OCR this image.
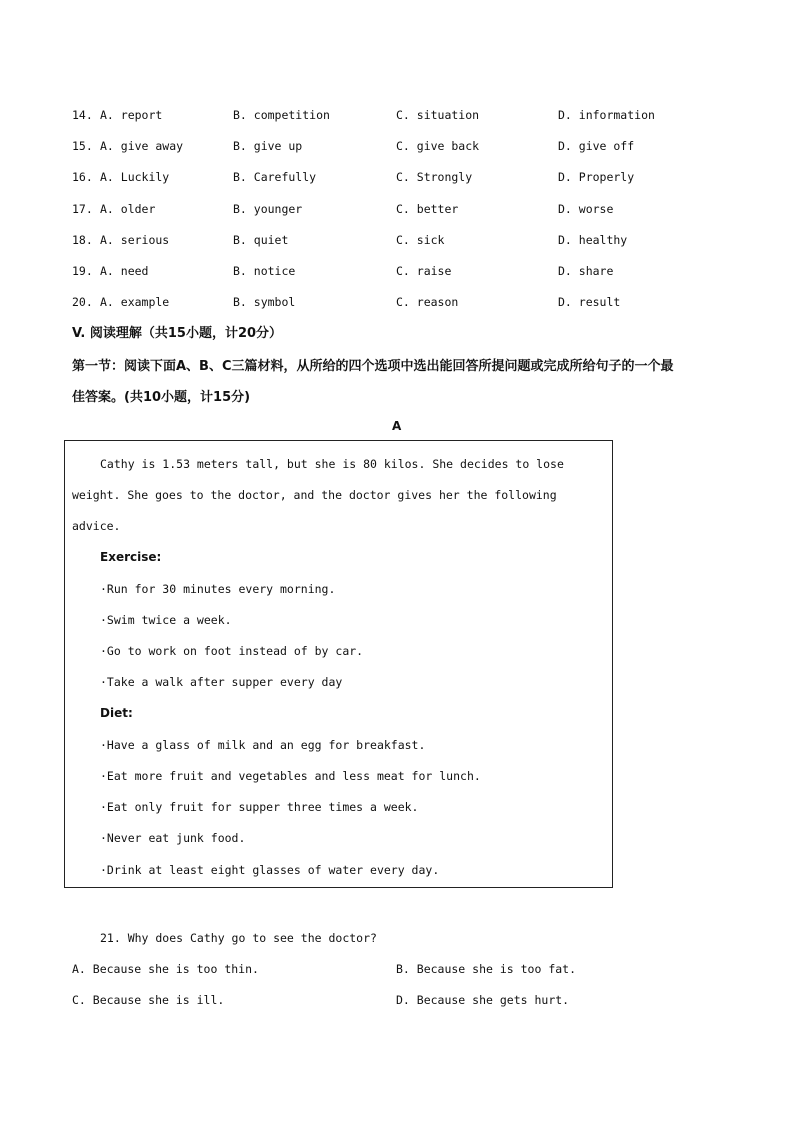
14. A. report	B. competition	C. situation	D. information
15. A. give away	B. give up	C. give back	D. give off
16. A. Luckily	B. Carefully	C. Strongly	D. Properly
17. A. older	B. younger	C. better	D. worse
18. A. serious	B. quiet	C. sick	D. healthy
19. A. need	B. notice	C. raise	D. share
20. A. example	B. symbol	C. reason	D. result
V. 阅读理解（共15小题，计20分）
第一节：阅读下面A、B、C三篇材料，从所给的四个选项中选出能回答所提问题或完成所给句子的一个最
佳答案。(共10小题，计15分)
A
Cathy is 1.53 meters tall, but she is 80 kilos. She decides to lose
weight. She goes to the doctor, and the doctor gives her the following
advice.
Exercise:
·Run for 30 minutes every morning.
·Swim twice a week.
·Go to work on foot instead of by car.
·Take a walk after supper every day
Diet:
·Have a glass of milk and an egg for breakfast.
·Eat more fruit and vegetables and less meat for lunch.
·Eat only fruit for supper three times a week.
·Never eat junk food.
·Drink at least eight glasses of water every day.
21. Why does Cathy go to see the doctor?
A. Because she is too thin.	B. Because she is too fat.
C. Because she is ill.	D. Because she gets hurt.
